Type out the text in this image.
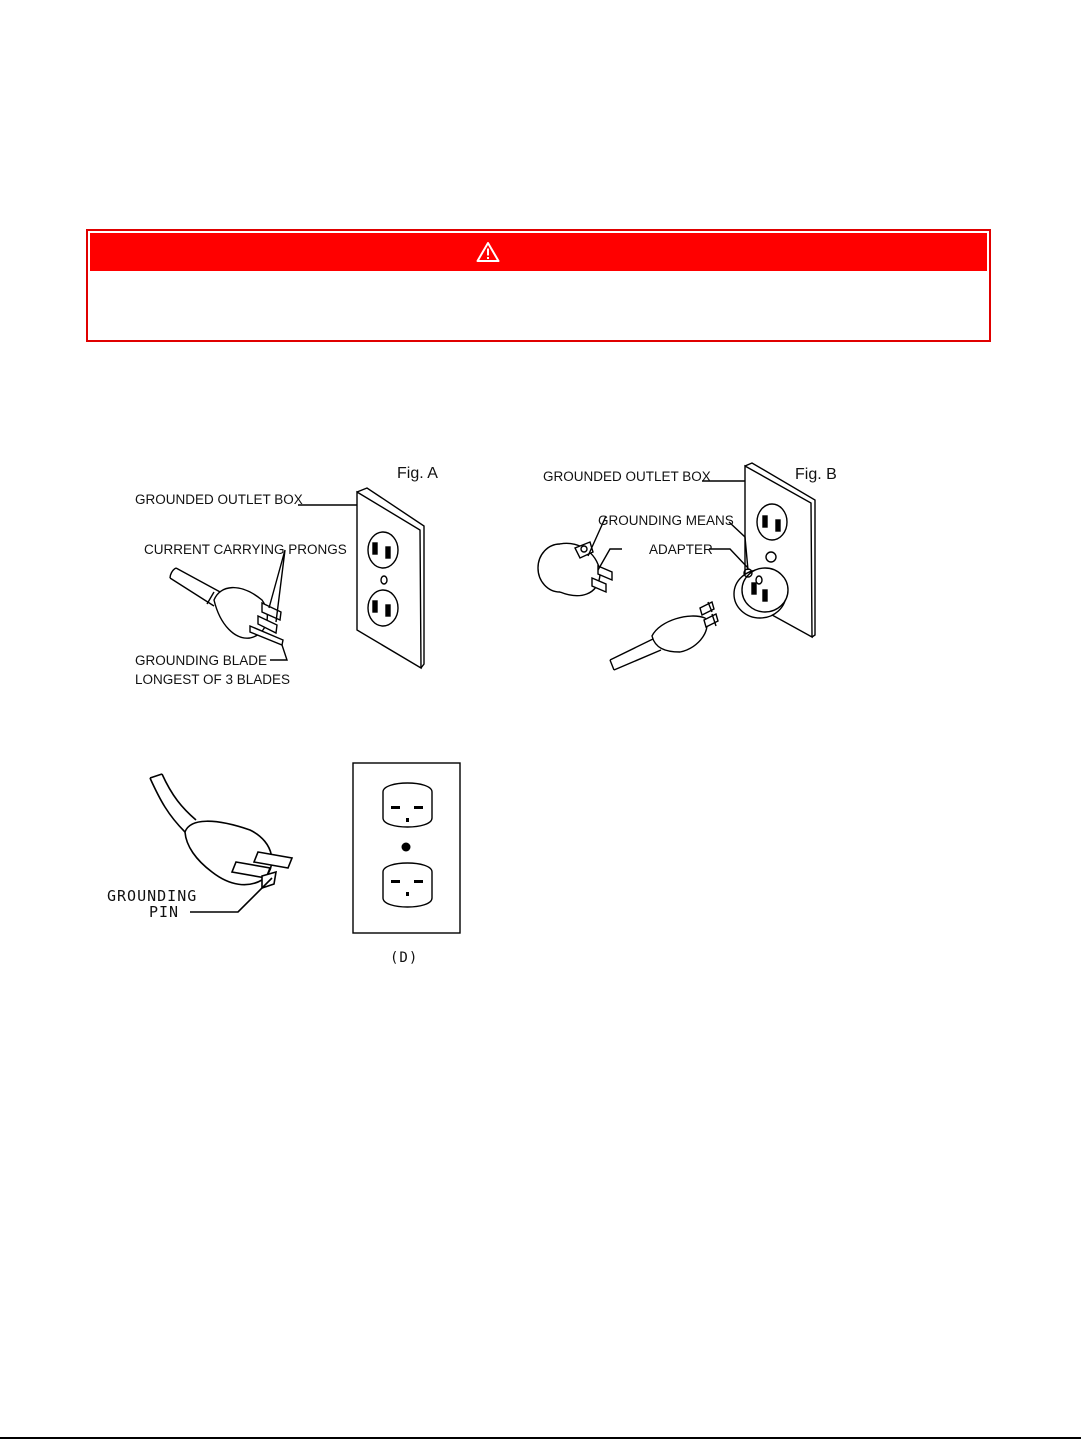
Fig. A
GROUNDED OUTLET BOX
CURRENT CARRYING PRONGS
GROUNDING BLADE
LONGEST OF 3 BLADES
Fig. B
GROUNDED OUTLET BOX
GROUNDING MEANS
ADAPTER
GROUNDING
PIN
(D)
